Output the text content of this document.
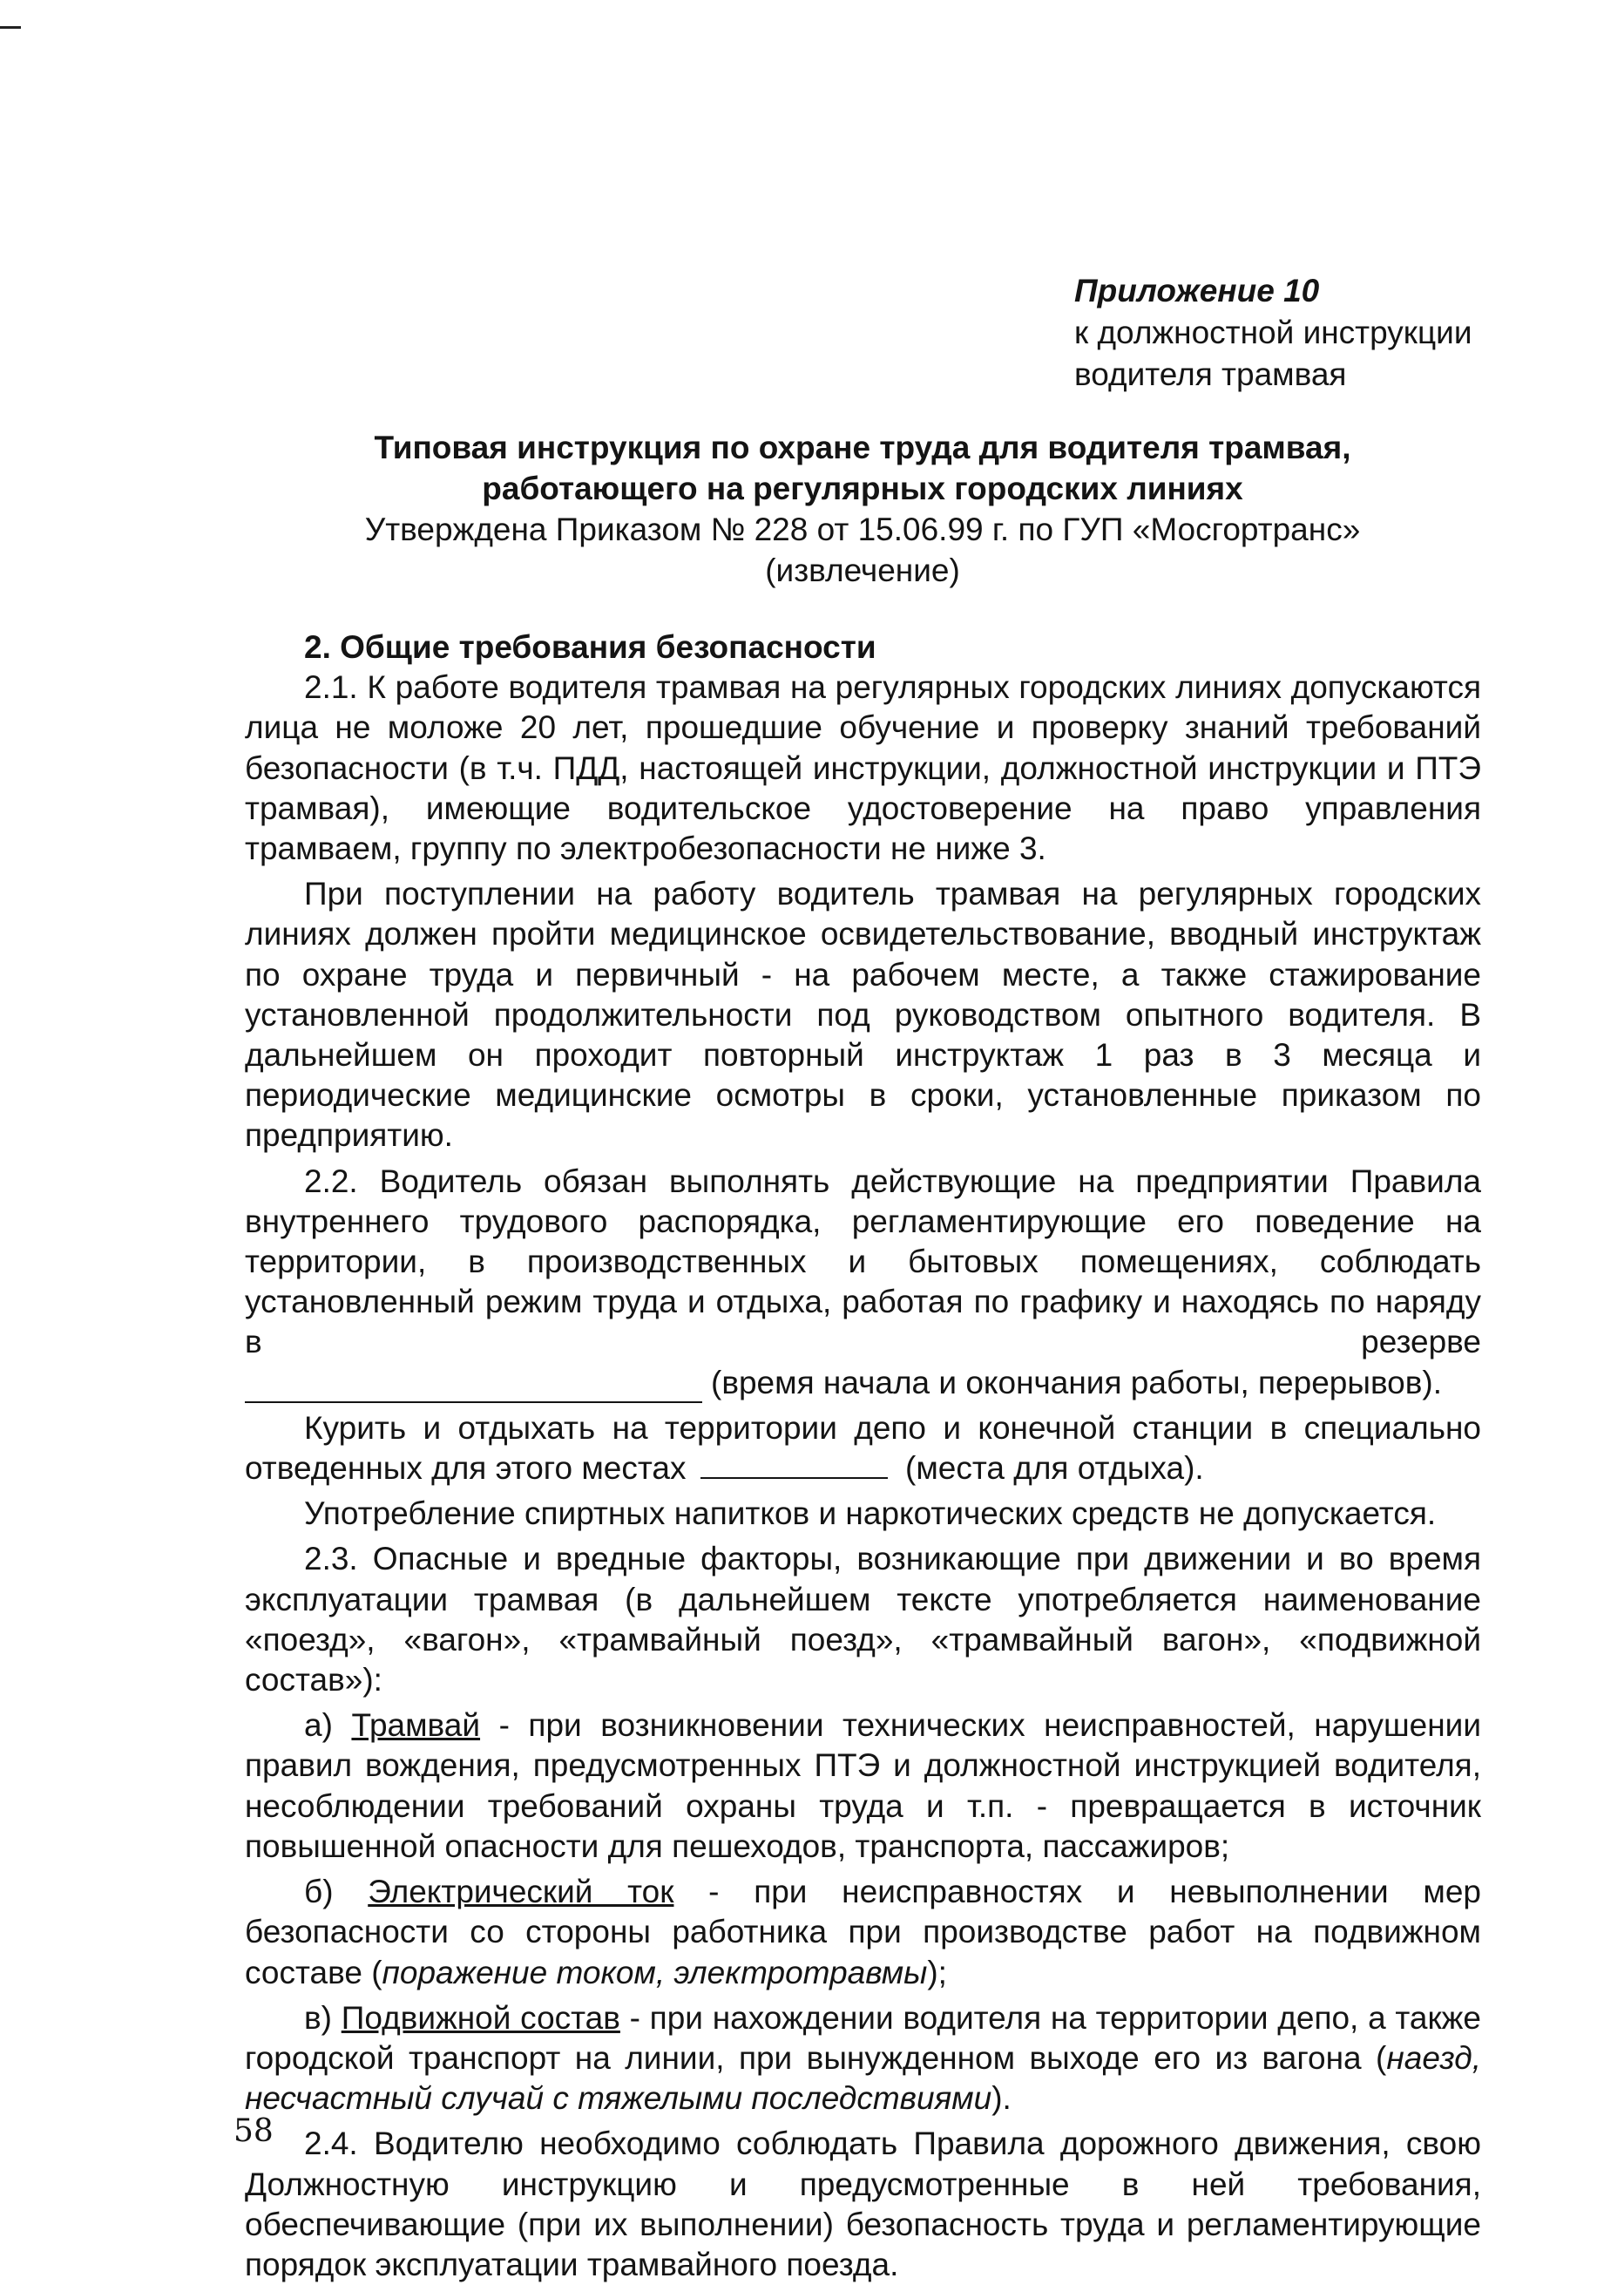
Приложение 10
к должностной инструкции
водителя трамвая
Типовая инструкция по охране труда для водителя трамвая,
работающего на регулярных городских линиях
Утверждена Приказом № 228 от 15.06.99 г. по ГУП «Мосгортранс»
(извлечение)
2. Общие требования безопасности

2.1. К работе водителя трамвая на регулярных городских линиях допускаются лица не моложе 20 лет, прошедшие обучение и проверку знаний требований безопасности (в т.ч. ПДД, настоящей инструкции, должностной инструкции и ПТЭ трамвая), имеющие водительское удостоверение на право управления трамваем, группу по электробезопасности не ниже 3.

При поступлении на работу водитель трамвая на регулярных городских линиях должен пройти медицинское освидетельствование, вводный инструктаж по охране труда и первичный - на рабочем месте, а также стажирование установленной продолжительности под руководством опытного водителя. В дальнейшем он проходит повторный инструктаж 1 раз в 3 месяца и периодические медицинские осмотры в сроки, установленные приказом по предприятию.

2.2. Водитель обязан выполнять действующие на предприятии Правила внутреннего трудового распорядка, регламентирующие его поведение на территории, в производственных и бытовых помещениях, соблюдать установленный режим труда и отдыха, работая по графику и находясь по наряду в резерве

(время начала и окончания работы, перерывов).

Курить и отдыхать на территории депо и конечной станции в специально отведенных для этого местах	(места для отдыха).

Употребление спиртных напитков и наркотических средств не допускается.

2.3. Опасные и вредные факторы, возникающие при движении и во время эксплуатации трамвая (в дальнейшем тексте употребляется наименование «поезд», «вагон», «трамвайный поезд», «трамвайный вагон», «подвижной состав»):

а) Трамвай - при возникновении технических неисправностей, нарушении правил вождения, предусмотренных ПТЭ и должностной инструкцией водителя, несоблюдении требований охраны труда и т.п. - превращается в источник повышенной опасности для пешеходов, транспорта, пассажиров;

б) Электрический ток - при неисправностях и невыполнении мер безопасности со стороны работника при производстве работ на подвижном составе (поражение током, электротравмы);

в) Подвижной состав - при нахождении водителя на территории депо, а также городской транспорт на линии, при вынужденном выходе его из вагона (наезд, несчастный случай с тяжелыми последствиями).

2.4. Водителю необходимо соблюдать Правила дорожного движения, свою Должностную инструкцию и предусмотренные в ней требования, обеспечивающие (при их выполнении) безопасность труда и регламентирующие порядок эксплуатации трамвайного поезда.

58
